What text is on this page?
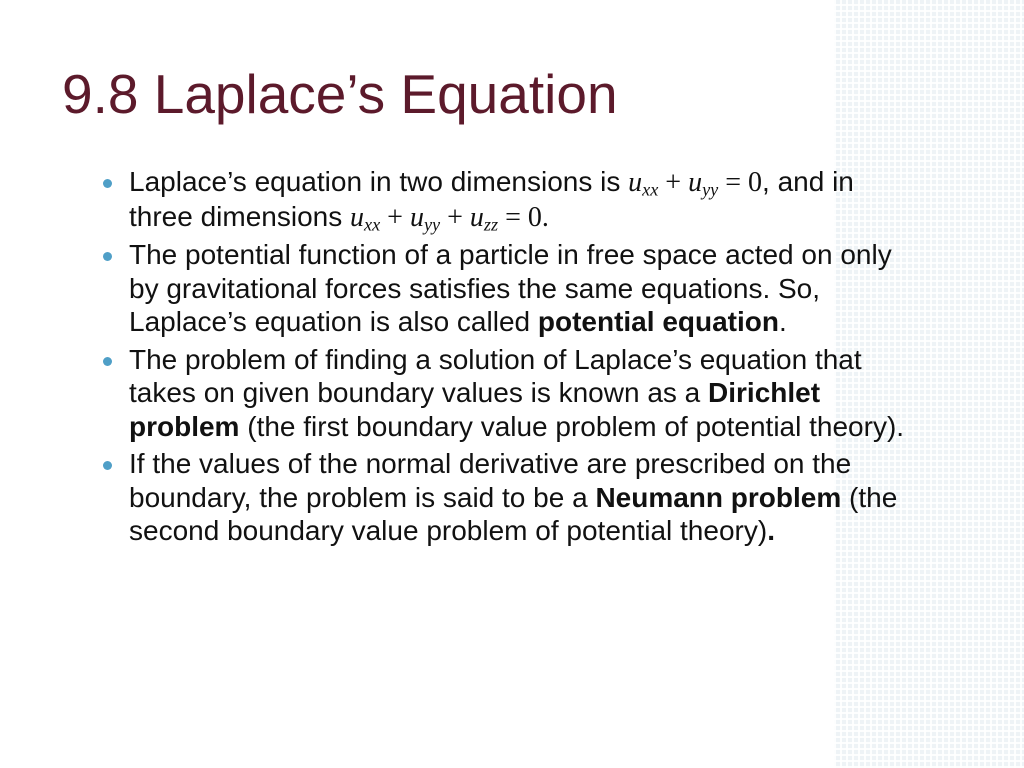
9.8 Laplace’s Equation
Laplace’s equation in two dimensions is $u_{xx} + u_{yy} = 0$, and in three dimensions $u_{xx} + u_{yy} + u_{zz} = 0$.
The potential function of a particle in free space acted on only by gravitational forces satisfies the same equations. So, Laplace’s equation is also called potential equation.
The problem of finding a solution of Laplace’s equation that takes on given boundary values is known as a Dirichlet problem (the first boundary value problem of potential theory).
If the values of the normal derivative are prescribed on the boundary, the problem is said to be a Neumann problem (the second boundary value problem of potential theory).
